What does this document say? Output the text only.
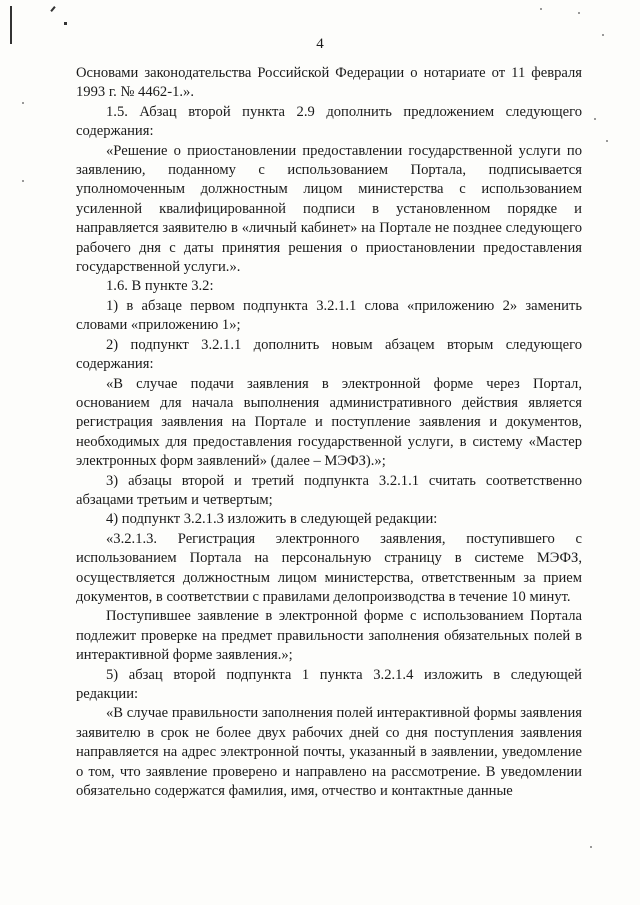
4

Основами законодательства Российской Федерации о нотариате от 11 февраля 1993 г. № 4462-1.».

1.5. Абзац второй пункта 2.9 дополнить предложением следующего содержания:

«Решение о приостановлении предоставлении государственной услуги по заявлению, поданному с использованием Портала, подписывается уполномоченным должностным лицом министерства с использованием усиленной квалифицированной подписи в установленном порядке и направляется заявителю в «личный кабинет» на Портале не позднее следующего рабочего дня с даты принятия решения о приостановлении предоставления государственной услуги.».

1.6. В пункте 3.2:

1) в абзаце первом подпункта 3.2.1.1 слова «приложению 2» заменить словами «приложению 1»;

2) подпункт 3.2.1.1 дополнить новым абзацем вторым следующего содержания:

«В случае подачи заявления в электронной форме через Портал, основанием для начала выполнения административного действия является регистрация заявления на Портале и поступление заявления и документов, необходимых для предоставления государственной услуги, в систему «Мастер электронных форм заявлений» (далее – МЭФЗ).»;

3) абзацы второй и третий подпункта 3.2.1.1 считать соответственно абзацами третьим и четвертым;

4) подпункт 3.2.1.3 изложить в следующей редакции:

«3.2.1.3. Регистрация электронного заявления, поступившего с использованием Портала на персональную страницу в системе МЭФЗ, осуществляется должностным лицом министерства, ответственным за прием документов, в соответствии с правилами делопроизводства в течение 10 минут.

Поступившее заявление в электронной форме с использованием Портала подлежит проверке на предмет правильности заполнения обязательных полей в интерактивной форме заявления.»;

5) абзац второй подпункта 1 пункта 3.2.1.4 изложить в следующей редакции:

«В случае правильности заполнения полей интерактивной формы заявления заявителю в срок не более двух рабочих дней со дня поступления заявления направляется на адрес электронной почты, указанный в заявлении, уведомление о том, что заявление проверено и направлено на рассмотрение. В уведомлении обязательно содержатся фамилия, имя, отчество и контактные данные
